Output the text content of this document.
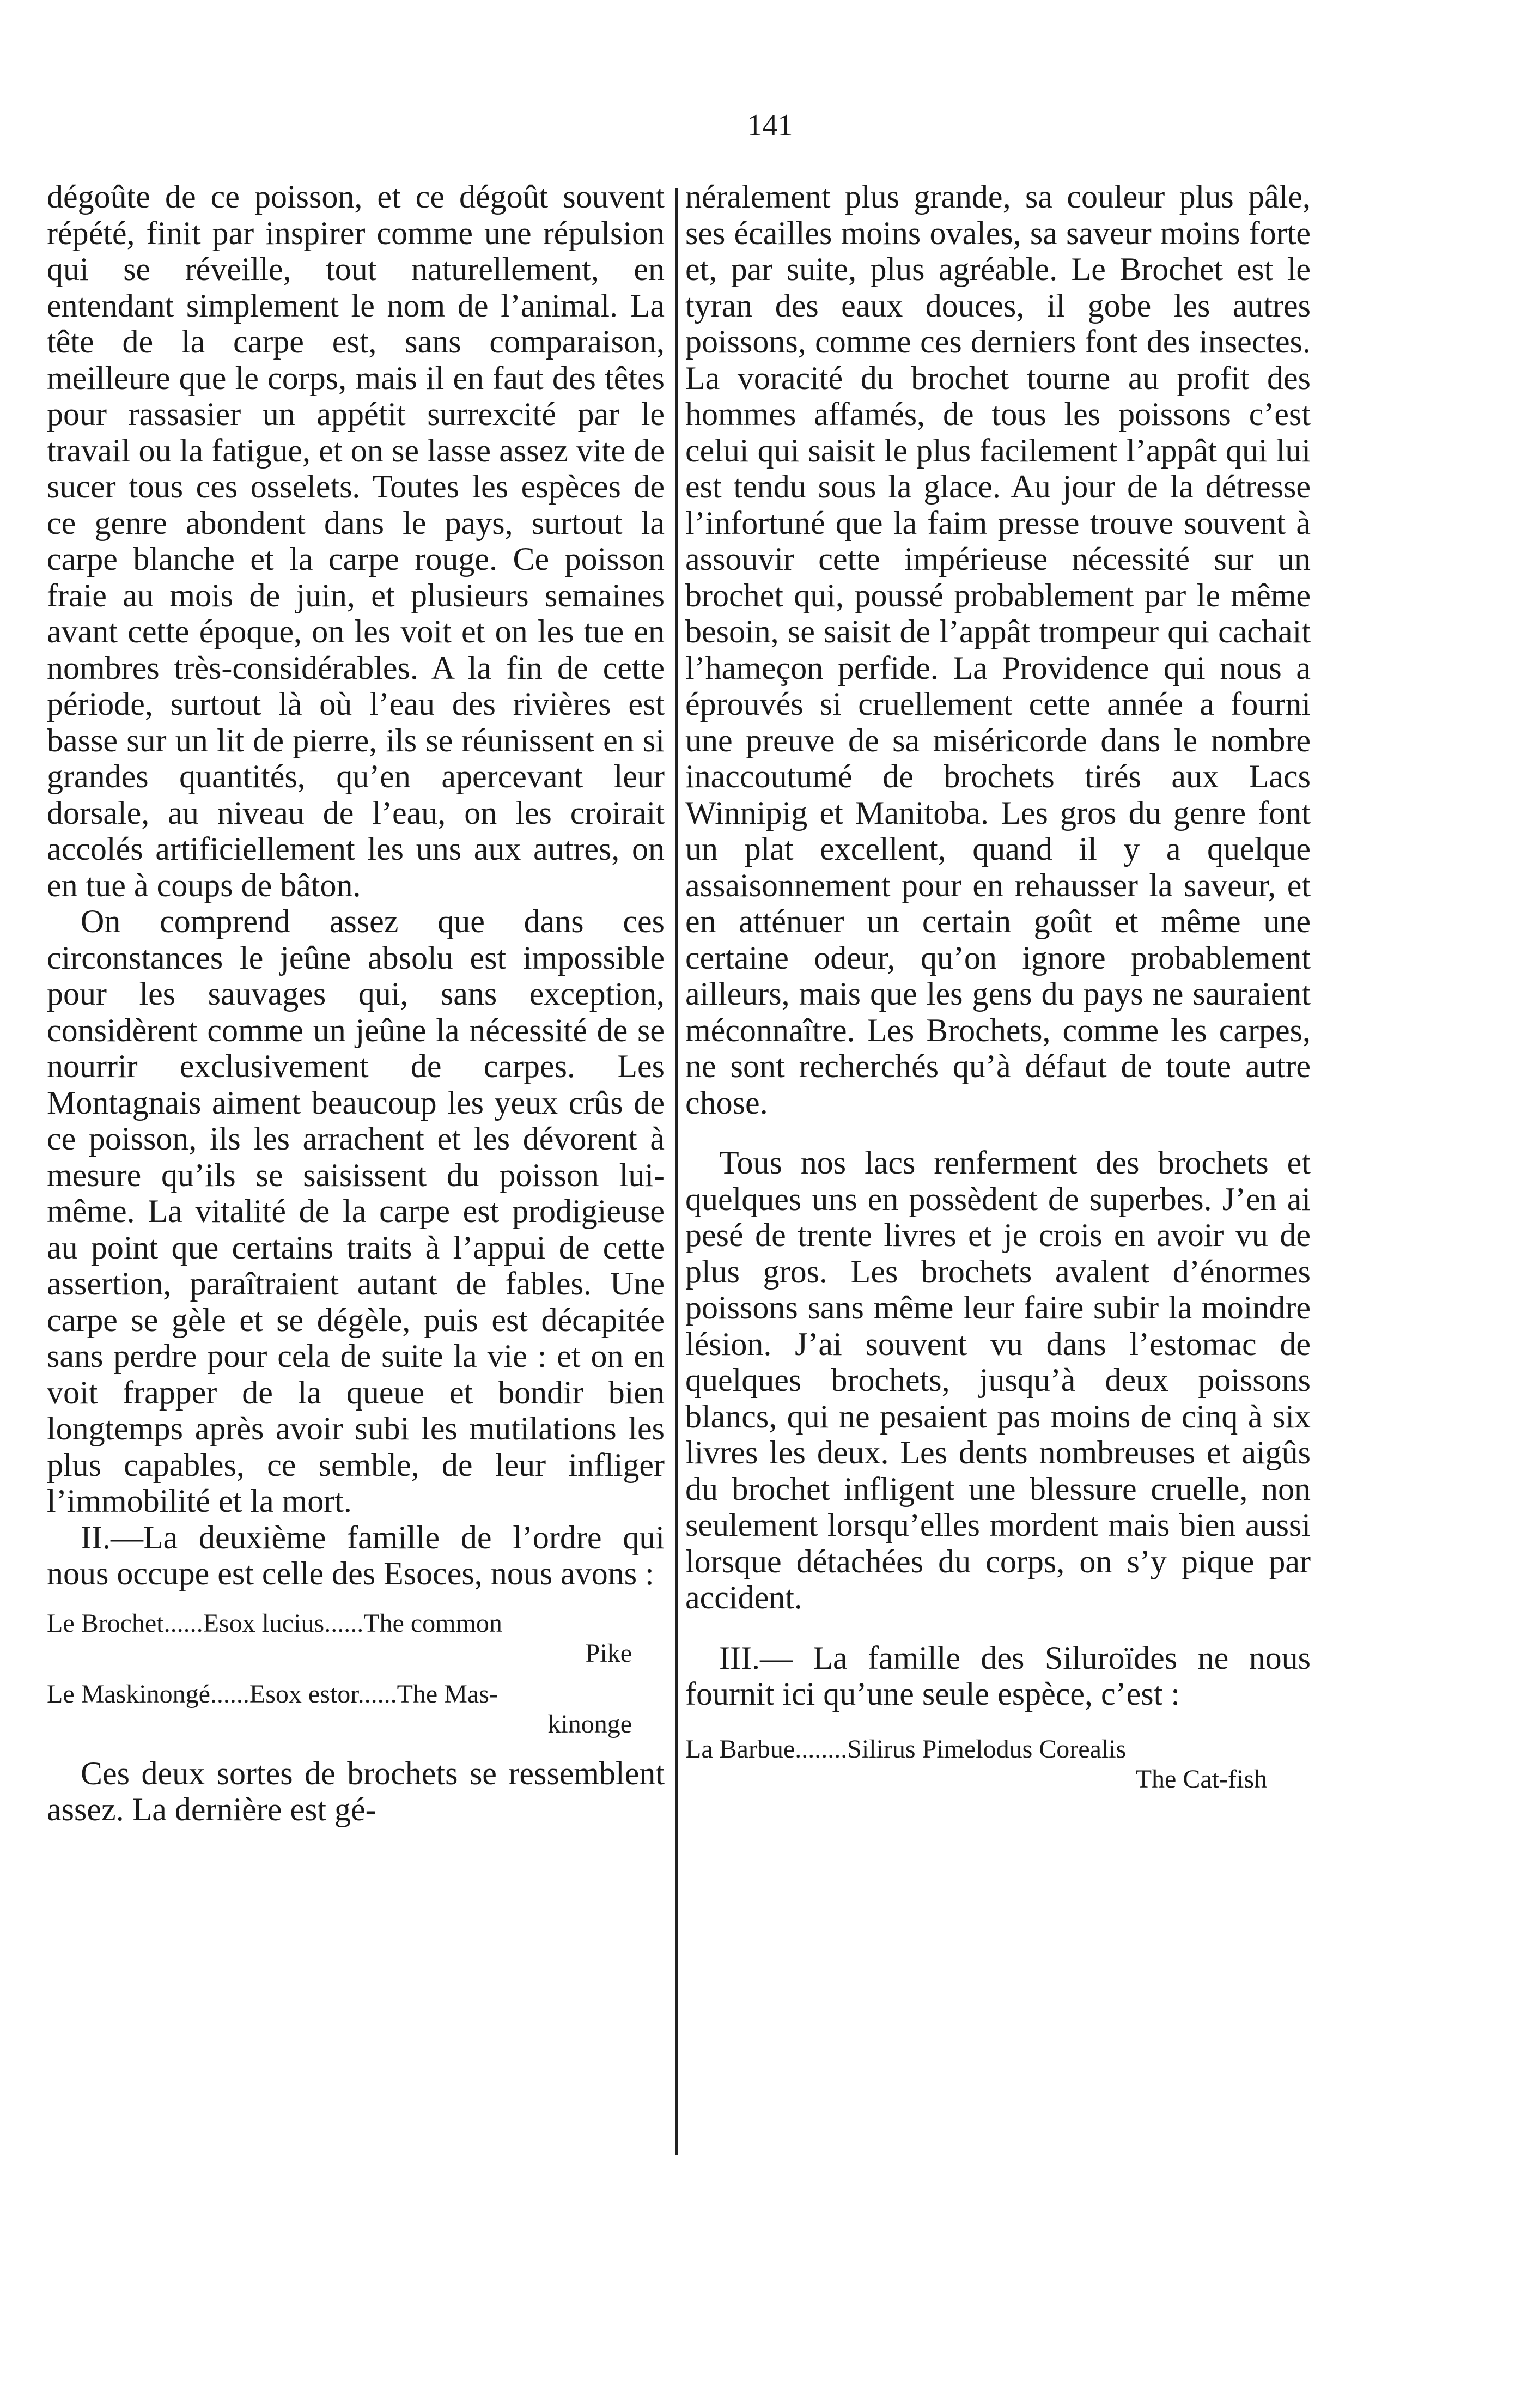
141

dégoûte de ce poisson, et ce dégoût souvent répété, finit par inspirer comme une répulsion qui se réveille, tout naturellement, en entendant simplement le nom de l’animal. La tête de la carpe est, sans comparaison, meilleure que le corps, mais il en faut des têtes pour rassasier un appétit surrexcité par le travail ou la fatigue, et on se lasse assez vite de sucer tous ces osselets. Toutes les espèces de ce genre abondent dans le pays, surtout la carpe blanche et la carpe rouge. Ce poisson fraie au mois de juin, et plusieurs semaines avant cette époque, on les voit et on les tue en nombres très-considérables. A la fin de cette période, surtout là où l’eau des rivières est basse sur un lit de pierre, ils se réunissent en si grandes quantités, qu’en apercevant leur dorsale, au niveau de l’eau, on les croirait accolés artificiellement les uns aux autres, on en tue à coups de bâton.

On comprend assez que dans ces circonstances le jeûne absolu est impossible pour les sauvages qui, sans exception, considèrent comme un jeûne la nécessité de se nourrir exclusivement de carpes. Les Montagnais aiment beaucoup les yeux crûs de ce poisson, ils les arrachent et les dévorent à mesure qu’ils se saisissent du poisson lui-même. La vitalité de la carpe est prodigieuse au point que certains traits à l’appui de cette assertion, paraîtraient autant de fables. Une carpe se gèle et se dégèle, puis est décapitée sans perdre pour cela de suite la vie : et on en voit frapper de la queue et bondir bien longtemps après avoir subi les mutilations les plus capables, ce semble, de leur infliger l’immobilité et la mort.

II.—La deuxième famille de l’ordre qui nous occupe est celle des Esoces, nous avons :

Le Brochet......Esox lucius......The common
Pike
Le Maskinongé......Esox estor......The Mas-
kinonge

Ces deux sortes de brochets se ressemblent assez. La dernière est gé-

néralement plus grande, sa couleur plus pâle, ses écailles moins ovales, sa saveur moins forte et, par suite, plus agréable. Le Brochet est le tyran des eaux douces, il gobe les autres poissons, comme ces derniers font des insectes. La voracité du brochet tourne au profit des hommes affamés, de tous les poissons c’est celui qui saisit le plus facilement l’appât qui lui est tendu sous la glace. Au jour de la détresse l’infortuné que la faim presse trouve souvent à assouvir cette impérieuse nécessité sur un brochet qui, poussé probablement par le même besoin, se saisit de l’appât trompeur qui cachait l’hameçon perfide. La Providence qui nous a éprouvés si cruellement cette année a fourni une preuve de sa miséricorde dans le nombre inaccoutumé de brochets tirés aux Lacs Winnipig et Manitoba. Les gros du genre font un plat excellent, quand il y a quelque assaisonnement pour en rehausser la saveur, et en atténuer un certain goût et même une certaine odeur, qu’on ignore probablement ailleurs, mais que les gens du pays ne sauraient méconnaître. Les Brochets, comme les carpes, ne sont recherchés qu’à défaut de toute autre chose.

Tous nos lacs renferment des brochets et quelques uns en possèdent de superbes. J’en ai pesé de trente livres et je crois en avoir vu de plus gros. Les brochets avalent d’énormes poissons sans même leur faire subir la moindre lésion. J’ai souvent vu dans l’estomac de quelques brochets, jusqu’à deux poissons blancs, qui ne pesaient pas moins de cinq à six livres les deux. Les dents nombreuses et aigûs du brochet infligent une blessure cruelle, non seulement lorsqu’elles mordent mais bien aussi lorsque détachées du corps, on s’y pique par accident.

III.— La famille des Siluroïdes ne nous fournit ici qu’une seule espèce, c’est :

La Barbue........Silirus Pimelodus Corealis
The Cat-fish
